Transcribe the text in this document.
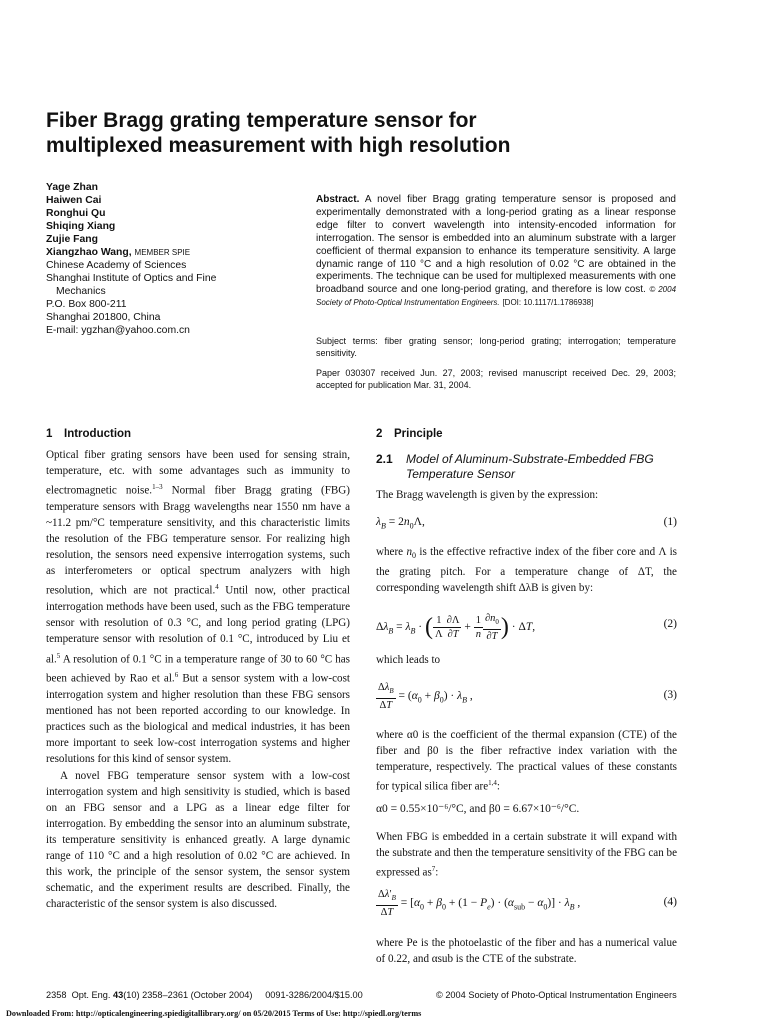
Fiber Bragg grating temperature sensor for
multiplexed measurement with high resolution
Yage Zhan
Haiwen Cai
Ronghui Qu
Shiqing Xiang
Zujie Fang
Xiangzhao Wang, MEMBER SPIE
Chinese Academy of Sciences
Shanghai Institute of Optics and Fine
Mechanics
P.O. Box 800-211
Shanghai 201800, China
E-mail: ygzhan@yahoo.com.cn
Abstract. A novel fiber Bragg grating temperature sensor is proposed and experimentally demonstrated with a long-period grating as a linear response edge filter to convert wavelength into intensity-encoded information for interrogation. The sensor is embedded into an aluminum substrate with a larger coefficient of thermal expansion to enhance its temperature sensitivity. A large dynamic range of 110 °C and a high resolution of 0.02 °C are obtained in the experiments. The technique can be used for multiplexed measurements with one broadband source and one long-period grating, and therefore is low cost. © 2004 Society of Photo-Optical Instrumentation Engineers. [DOI: 10.1117/1.1786938]
Subject terms: fiber grating sensor; long-period grating; interrogation; temperature sensitivity.
Paper 030307 received Jun. 27, 2003; revised manuscript received Dec. 29, 2003; accepted for publication Mar. 31, 2004.
1 Introduction	2 Principle
2.1 Model of Aluminum-Substrate-Embedded FBG Temperature Sensor

Optical fiber grating sensors have been used for sensing strain, temperature, etc. with some advantages such as immunity to electromagnetic noise.$^{1-3}$ Normal fiber Bragg grating (FBG) temperature sensors with Bragg wavelengths near 1550 nm have a ~11.2 pm/°C temperature sensitivity, and this characteristic limits the resolution of the FBG temperature sensor. For realizing high resolution, the sensors need expensive interrogation systems, such as interferometers or optical spectrum analyzers with high resolution, which are not practical.$^4$ Until now, other practical interrogation methods have been used, such as the FBG temperature sensor with resolution of 0.3 °C, and long period grating (LPG) temperature sensor with resolution of 0.1 °C, introduced by Liu et al.$^5$ A resolution of 0.1 °C in a temperature range of 30 to 60 °C has been achieved by Rao et al.$^6$ But a sensor system with a low-cost interrogation system and higher resolution than these FBG sensors mentioned has not been reported according to our knowledge. In practices such as the biological and medical industries, it has been more important to seek low-cost interrogation systems and higher resolutions for this kind of sensor system.

A novel FBG temperature sensor system with a low-cost interrogation system and high sensitivity is studied, which is based on an FBG sensor and a LPG as a linear edge filter for interrogation. By embedding the sensor into an aluminum substrate, its temperature sensitivity is enhanced greatly. A large dynamic range of 110 °C and a high resolution of 0.02 °C are achieved. In this work, the principle of the sensor system, the sensor system schematic, and the experiment results are described. Finally, the characteristic of the sensor system is also discussed.

The Bragg wavelength is given by the expression:
$\lambda_B = 2n_0\Lambda$,	(1)

where $n_0$ is the effective refractive index of the fiber core and Λ is the grating pitch. For a temperature change of ΔT, the corresponding wavelength shift ΔλB is given by:

$\Delta\lambda_B = \lambda_B$ · ( $\frac{1}{\Lambda} \frac{\partial\Lambda}{\partial T} + \frac{1}{n} \frac{\partial n_0}{\partial T}$ ) · ΔT,	(2)
which leads to
$\frac{\Delta\lambda_B}{\Delta T} = (\alpha_0 + \beta_0) \cdot \lambda_B$ ,	(3)

where α0 is the coefficient of the thermal expansion (CTE) of the fiber and β0 is the fiber refractive index variation with the temperature, respectively. The practical values of these constants for typical silica fiber are$^{1,4}$:

α0 = 0.55×10⁻⁶/°C, and β0 = 6.67×10⁻⁶/°C.

When FBG is embedded in a certain substrate it will expand with the substrate and then the temperature sensitivity of the FBG can be expressed $as^7$:

$\frac{\Delta\lambda'_B}{\Delta T} = [\alpha_0 + \beta_0 + (1 - P_e) \cdot (\alpha_{sub} - \alpha_0)] \cdot \lambda_B$ ,	(4)
where Pe is the photoelastic of the fiber and has a numerical value of 0.22, and αsub is the CTE of the substrate.
2358 Opt. Eng. 43(10) 2358–2361 (October 2004) 0091-3286/2004/$15.00	© 2004 Society of Photo-Optical Instrumentation Engineers
Downloaded From: http://opticalengineering.spiedigitallibrary.org/ on 05/20/2015 Terms of Use: http://spiedl.org/terms
